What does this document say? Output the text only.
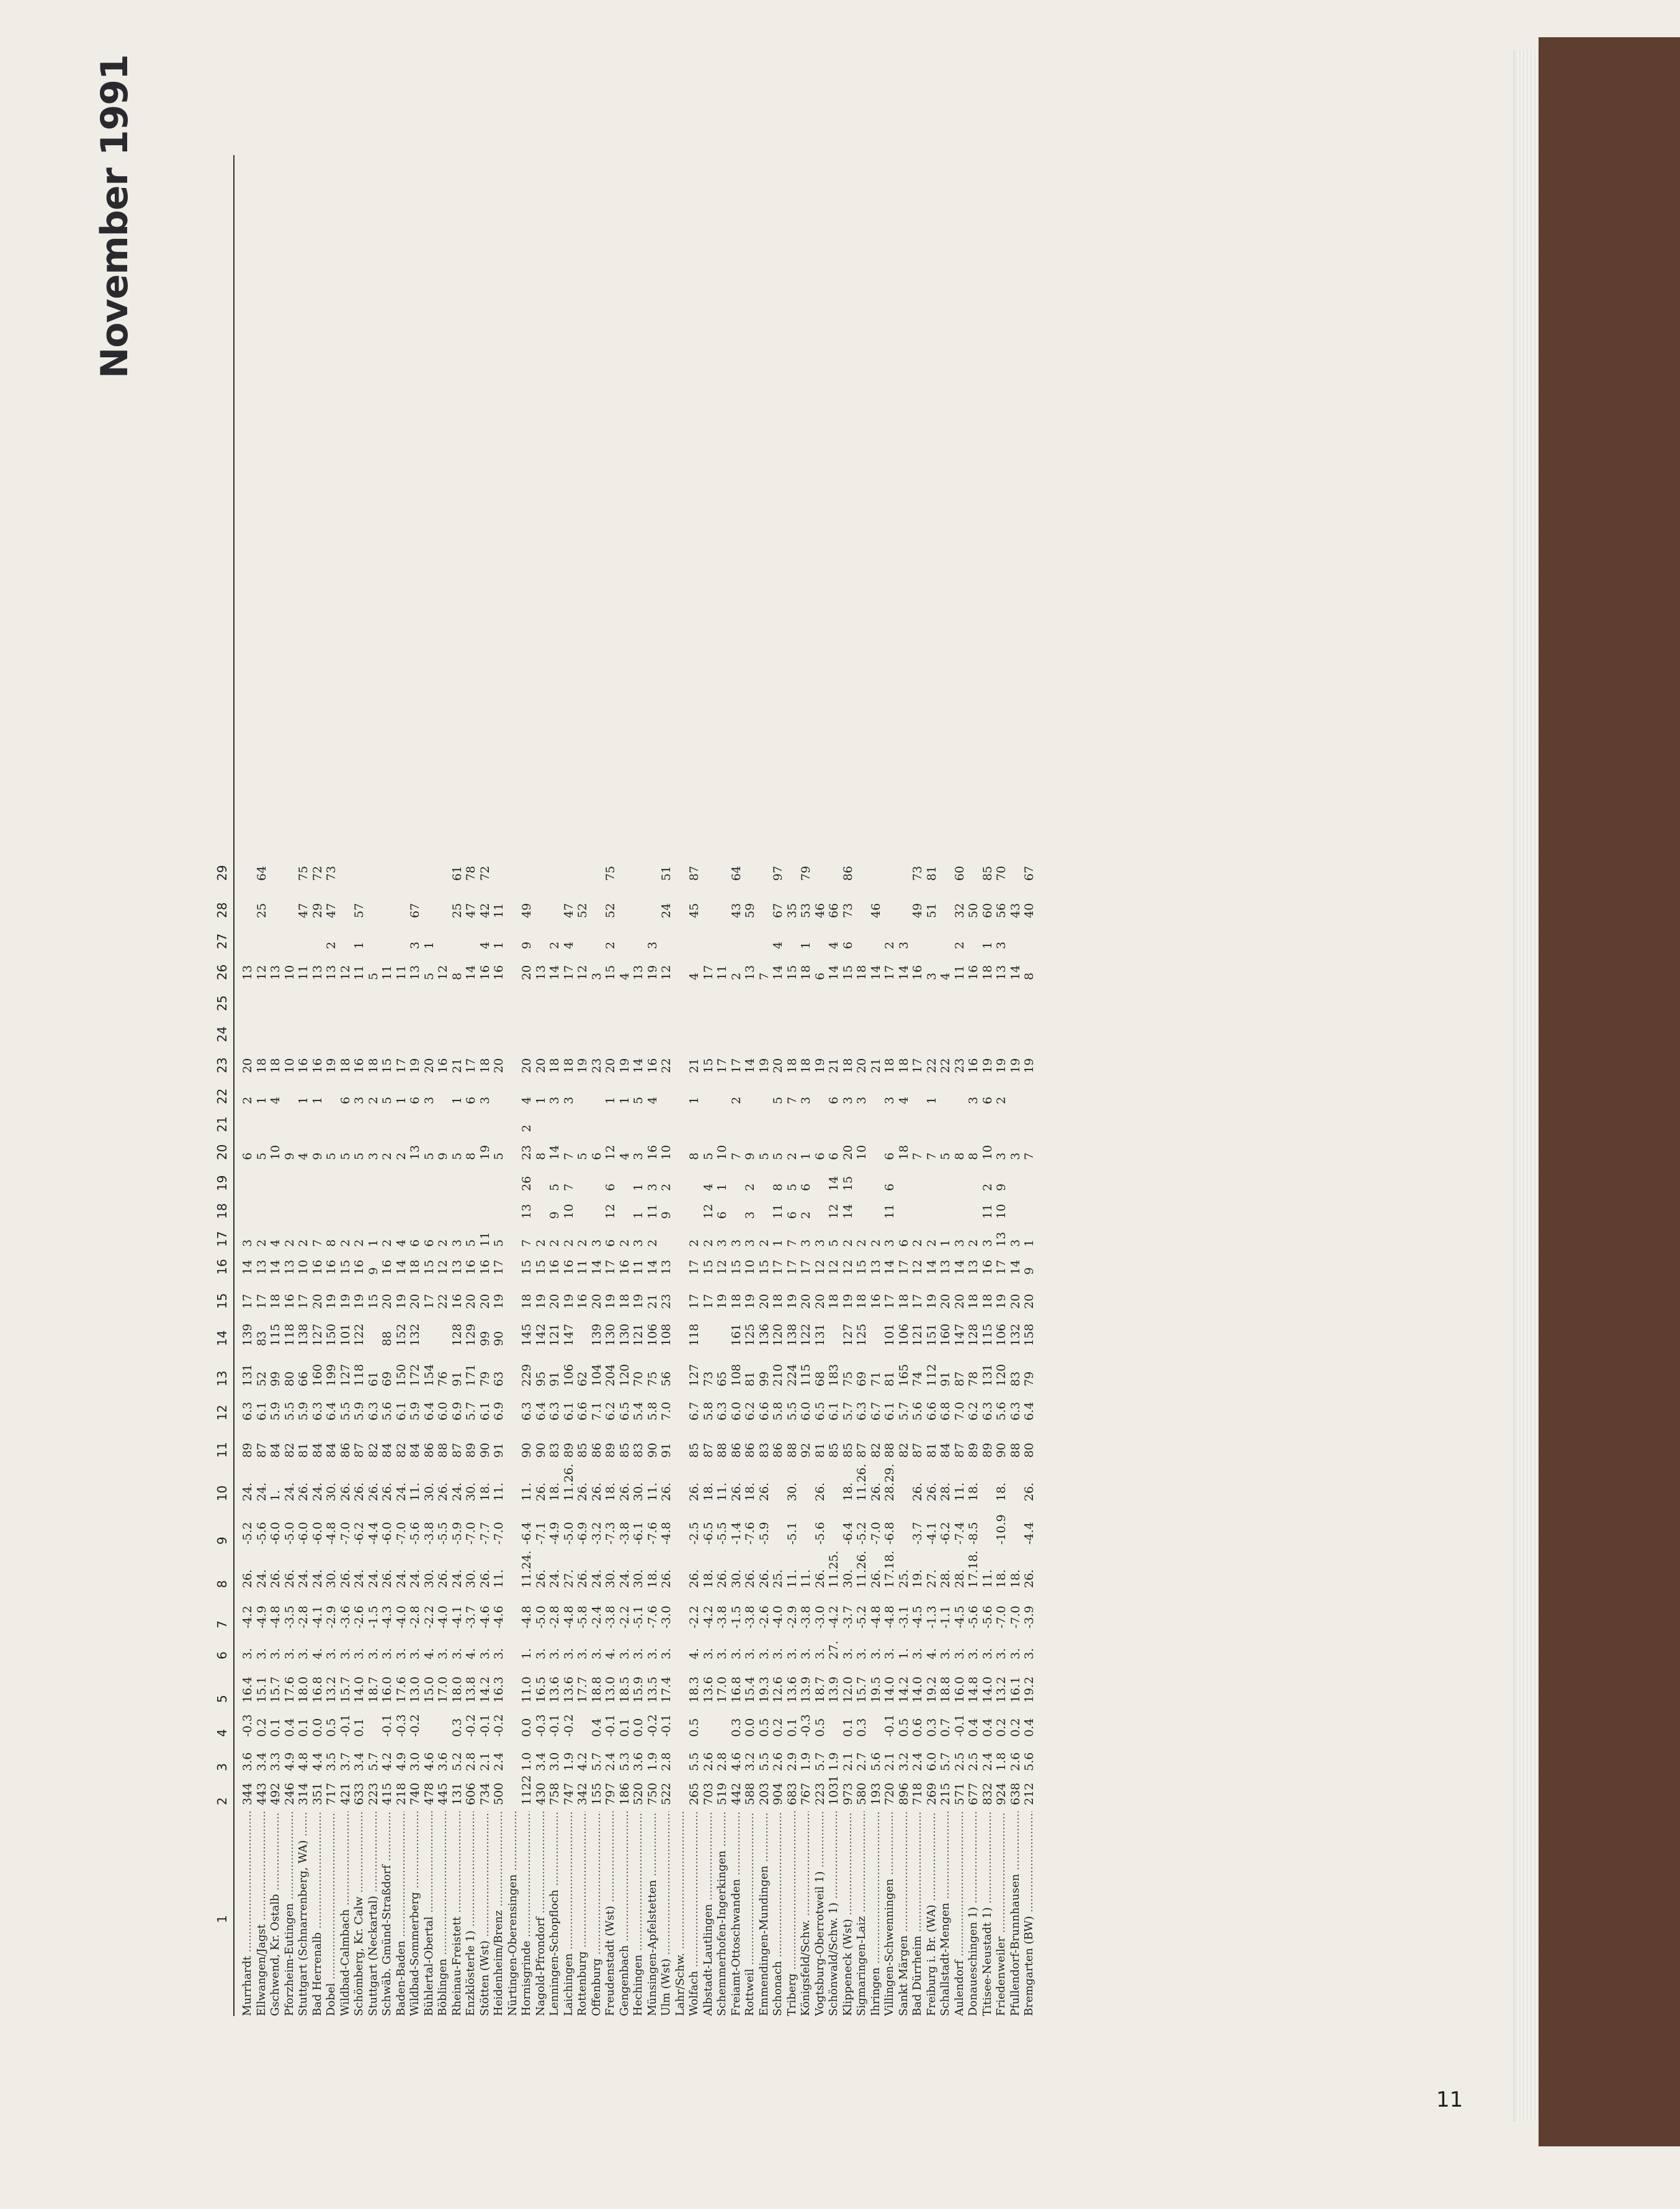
November 1991
1
2
3
4
5
6
7
8
9
10
11
12
13
14
15
16
17
18
19
20
21
22
23
24
25
26
27
28
29
Murrhardt .....
344
3.6
-0.3
16.4
3.
-4.2
26.
-5.2
24.
89
6.3
131
139
17
14
3
6
2
20
13
Ellwangen/Jagst .....
443
3.4
0.2
15.1
3.
-4.9
24.
-5.6
24.
87
6.1
52
83
17
13
2
5
1
18
12
25
64
Gschwend, Kr. Ostalb .....
492
3.3
0.1
15.7
3.
-4.8
26.
-6.0
1.
84
5.9
99
115
18
14
4
10
4
18
13
Pforzheim-Eutingen .....
246
4.9
0.4
17.6
3.
-3.5
26.
-5.0
24.
82
5.5
80
118
16
13
2
9
10
10
Stuttgart (Schnarrenberg, WA) .....
314
4.8
0.1
18.0
3.
-2.8
24.
-6.0
26.
81
5.9
66
138
17
10
2
4
1
16
11
47
75
Bad Herrenalb .....
351
4.4
0.0
16.8
4.
-4.1
24.
-6.0
24.
84
6.3
160
127
20
16
7
9
1
16
13
29
72
Dobel .....
717
3.5
0.5
13.2
3.
-2.9
30.
-4.8
30.
84
6.4
199
150
19
16
8
5
19
13
2
47
73
Wildbad-Calmbach .....
421
3.7
-0.1
15.7
3.
-3.6
26.
-7.0
26.
86
5.5
127
101
19
15
2
5
6
18
12
Schömberg, Kr. Calw .....
633
3.4
0.1
14.0
3.
-2.6
24.
-6.2
26.
87
5.9
118
122
19
16
2
5
3
16
11
1
57
Stuttgart (Neckartal) .....
223
5.7
18.7
3.
-1.5
24.
-4.4
26.
82
6.3
61
15
9
1
3
2
18
5
Schwäb. Gmünd-Straßdorf .....
415
4.2
-0.1
16.0
3.
-4.3
26.
-6.0
26.
84
5.6
69
88
20
16
2
2
5
15
11
Baden-Baden .....
218
4.9
-0.3
17.6
3.
-4.0
24.
-7.0
24.
82
6.1
150
152
19
14
4
2
1
17
11
Wildbad-Sommerberg .....
740
3.0
-0.2
13.0
3.
-2.8
24.
-5.6
11.
84
5.9
172
132
20
18
6
13
6
19
13
3
67
Bühlertal-Obertal .....
478
4.6
15.0
4.
-2.2
30.
-3.8
30.
86
6.4
154
17
15
6
5
3
20
5
1
Böblingen .....
445
3.6
17.0
3.
-4.0
26.
-5.5
26.
88
6.0
76
22
12
2
9
16
12
Rheinau-Freistett .....
131
5.2
0.3
18.0
3.
-4.1
24.
-5.9
24.
87
6.9
91
128
16
13
3
5
1
21
8
25
61
Enzklösterle 1) .....
606
2.8
-0.2
13.8
4.
-3.7
30.
-7.0
30.
89
5.7
171
129
20
16
5
8
6
17
14
47
78
Stötten (Wst) .....
734
2.1
-0.1
14.2
3.
-4.6
26.
-7.7
18.
90
6.1
79
99
20
16
11
19
3
18
16
4
42
72
Heidenheim/Brenz .....
500
2.4
-0.2
16.3
3.
-4.6
11.
-7.0
11.
91
6.9
63
90
19
17
5
5
20
16
1
11
Nürtingen-Oberensingen ..... Hornisgrinde .....
1122
1.0
0.0
11.0
1.
-4.8
11.24.
-6.4
11.
90
6.3
229
145
18
15
7
13
26
23
2
4
20
20
9
49
Nagold-Pfrondorf .....
430
3.4
-0.3
16.5
3.
-5.0
26.
-7.1
26.
90
6.4
95
142
19
15
2
8
1
20
13
Lenningen-Schopfloch .....
758
3.0
-0.1
13.6
3.
-2.8
24.
-4.9
18.
83
6.3
91
121
20
16
2
9
5
14
3
18
14
2
Laichingen .....
747
1.9
-0.2
13.6
3.
-4.8
27.
-5.0
11.26.
89
6.1
106
147
19
16
2
10
7
7
3
18
17
4
47
Rottenburg .....
342
4.2
17.7
3.
-5.8
26.
-6.9
26.
85
6.6
62
16
11
2
5
19
12
52
Offenburg .....
155
5.7
0.4
18.8
3.
-2.4
24.
-3.2
26.
86
7.1
104
139
20
14
3
6
23
3
Freudenstadt (Wst) .....
797
2.4
-0.1
13.0
4.
-3.8
30.
-7.3
18.
89
6.2
204
130
19
17
6
12
6
12
1
20
15
2
52
75
Gengenbach .....
186
5.3
0.1
18.5
3.
-2.2
24.
-3.8
26.
85
6.5
120
130
18
16
2
4
1
19
4
Hechingen .....
520
3.6
0.0
15.9
3.
-5.1
30.
-6.1
30.
83
5.4
70
121
19
11
3
1
1
3
5
14
13
Münsingen-Apfelstetten .....
750
1.9
-0.2
13.5
3.
-7.6
18.
-7.6
11.
90
5.8
75
106
21
14
2
11
3
16
4
16
19
3
Ulm (Wst) .....
522
2.8
-0.1
17.4
3.
-3.0
26.
-4.8
26.
91
7.0
56
108
23
13
9
2
10
22
12
24
51
Lahr/Schw. ..... Wolfach .....
265
5.5
0.5
18.3
4.
-2.2
26.
-2.5
26.
85
6.7
127
118
17
17
2
8
1
21
4
45
87
Albstadt-Lautlingen .....
703
2.6
13.6
3.
-4.2
18.
-6.5
18.
87
5.8
73
17
15
2
12
4
5
15
17
Schemmerhofen-Ingerkingen .....
519
2.8
17.0
3.
-3.8
26.
-5.5
11.
88
6.3
65
19
12
3
6
1
10
17
11
Freiamt-Ottoschwanden .....
442
4.6
0.3
16.8
3.
-1.5
30.
-1.4
26.
86
6.0
108
161
18
15
3
7
2
17
2
43
64
Rottweil .....
588
3.2
0.0
15.4
3.
-3.8
26.
-7.6
18.
86
6.2
81
125
19
10
3
3
2
9
14
13
59
Emmendingen-Mundingen .....
203
5.5
0.5
19.3
3.
-2.6
26.
-5.9
26.
83
6.6
99
136
20
15
2
5
19
7
Schonach .....
904
2.6
0.2
12.6
3.
-4.0
25.
86
5.8
210
120
18
17
1
11
8
5
5
20
14
4
67
97
Triberg .....
683
2.9
0.1
13.6
3.
-2.9
11.
-5.1
30.
88
5.5
224
138
19
17
7
6
5
2
7
18
15
35
Königsfeld/Schw. .....
767
1.9
-0.3
13.9
3.
-3.8
11.
92
6.0
115
122
20
17
3
2
6
1
3
18
18
1
53
79
Vogtsburg-Oberrotweil 1) .....
223
5.7
0.5
18.7
3.
-3.0
26.
-5.6
26.
81
6.5
68
131
20
12
3
6
19
6
46
Schönwald/Schw. 1) .....
1031
1.9
13.9
27.
-4.2
11.25.
85
6.1
183
18
12
5
12
14
6
6
21
14
4
66
Klippeneck (Wst) .....
973
2.1
0.1
12.0
3.
-3.7
30.
-6.4
18.
85
5.7
75
127
19
12
2
14
15
20
3
18
15
6
73
86
Sigmaringen-Laiz .....
580
2.7
0.3
15.7
3.
-5.2
11.26.
-5.2
11.26.
87
6.3
69
125
18
15
2
10
3
20
18
Ihringen .....
193
5.6
19.5
3.
-4.8
26.
-7.0
26.
82
6.7
71
16
13
2
21
14
46
Villingen-Schwenningen .....
720
2.1
-0.1
14.0
3.
-4.8
17.18.
-6.8
28.29.
88
6.1
81
101
17
14
3
11
6
6
3
18
17
2
Sankt Märgen .....
896
3.2
0.5
14.2
1.
-3.1
25.
82
5.7
165
106
18
17
6
18
4
18
14
3
Bad Dürrheim .....
718
2.4
0.6
14.0
3.
-4.5
19.
-3.7
26.
87
5.6
74
121
17
12
2
7
17
16
49
73
Freiburg i. Br. (WA) .....
269
6.0
0.3
19.2
4.
-1.3
27.
-4.1
26.
81
6.6
112
151
19
14
2
7
1
22
3
51
81
Schallstadt-Mengen .....
215
5.7
0.7
18.8
3.
-1.1
28.
-6.2
28.
84
6.8
91
160
20
13
1
5
22
4
Aulendorf .....
571
2.5
-0.1
16.0
3.
-4.5
28.
-7.4
11.
87
7.0
87
147
20
14
3
8
23
11
2
32
60
Donaueschingen 1) .....
677
2.5
0.4
14.8
3.
-5.6
17.18.
-8.5
18.
89
6.2
78
128
18
13
2
8
3
16
16
50
Titisee-Neustadt 1) .....
832
2.4
0.4
14.0
3.
-5.6
11.
89
6.3
131
115
18
16
3
11
2
10
6
19
18
1
60
85
Friedenweiler .....
924
1.8
0.2
13.2
3.
-7.0
18.
-10.9
18.
90
5.6
120
106
19
17
13
10
9
3
2
19
13
3
56
70
Pfullendorf-Brunnhausen .....
638
2.6
0.2
16.1
3.
-7.0
18.
88
6.3
83
132
20
14
3
3
19
14
43
Bremgarten (BW) .....
212
5.6
0.4
19.2
3.
-3.9
26.
-4.4
26.
80
6.4
79
158
20
9
1
7
19
8
40
67
11
